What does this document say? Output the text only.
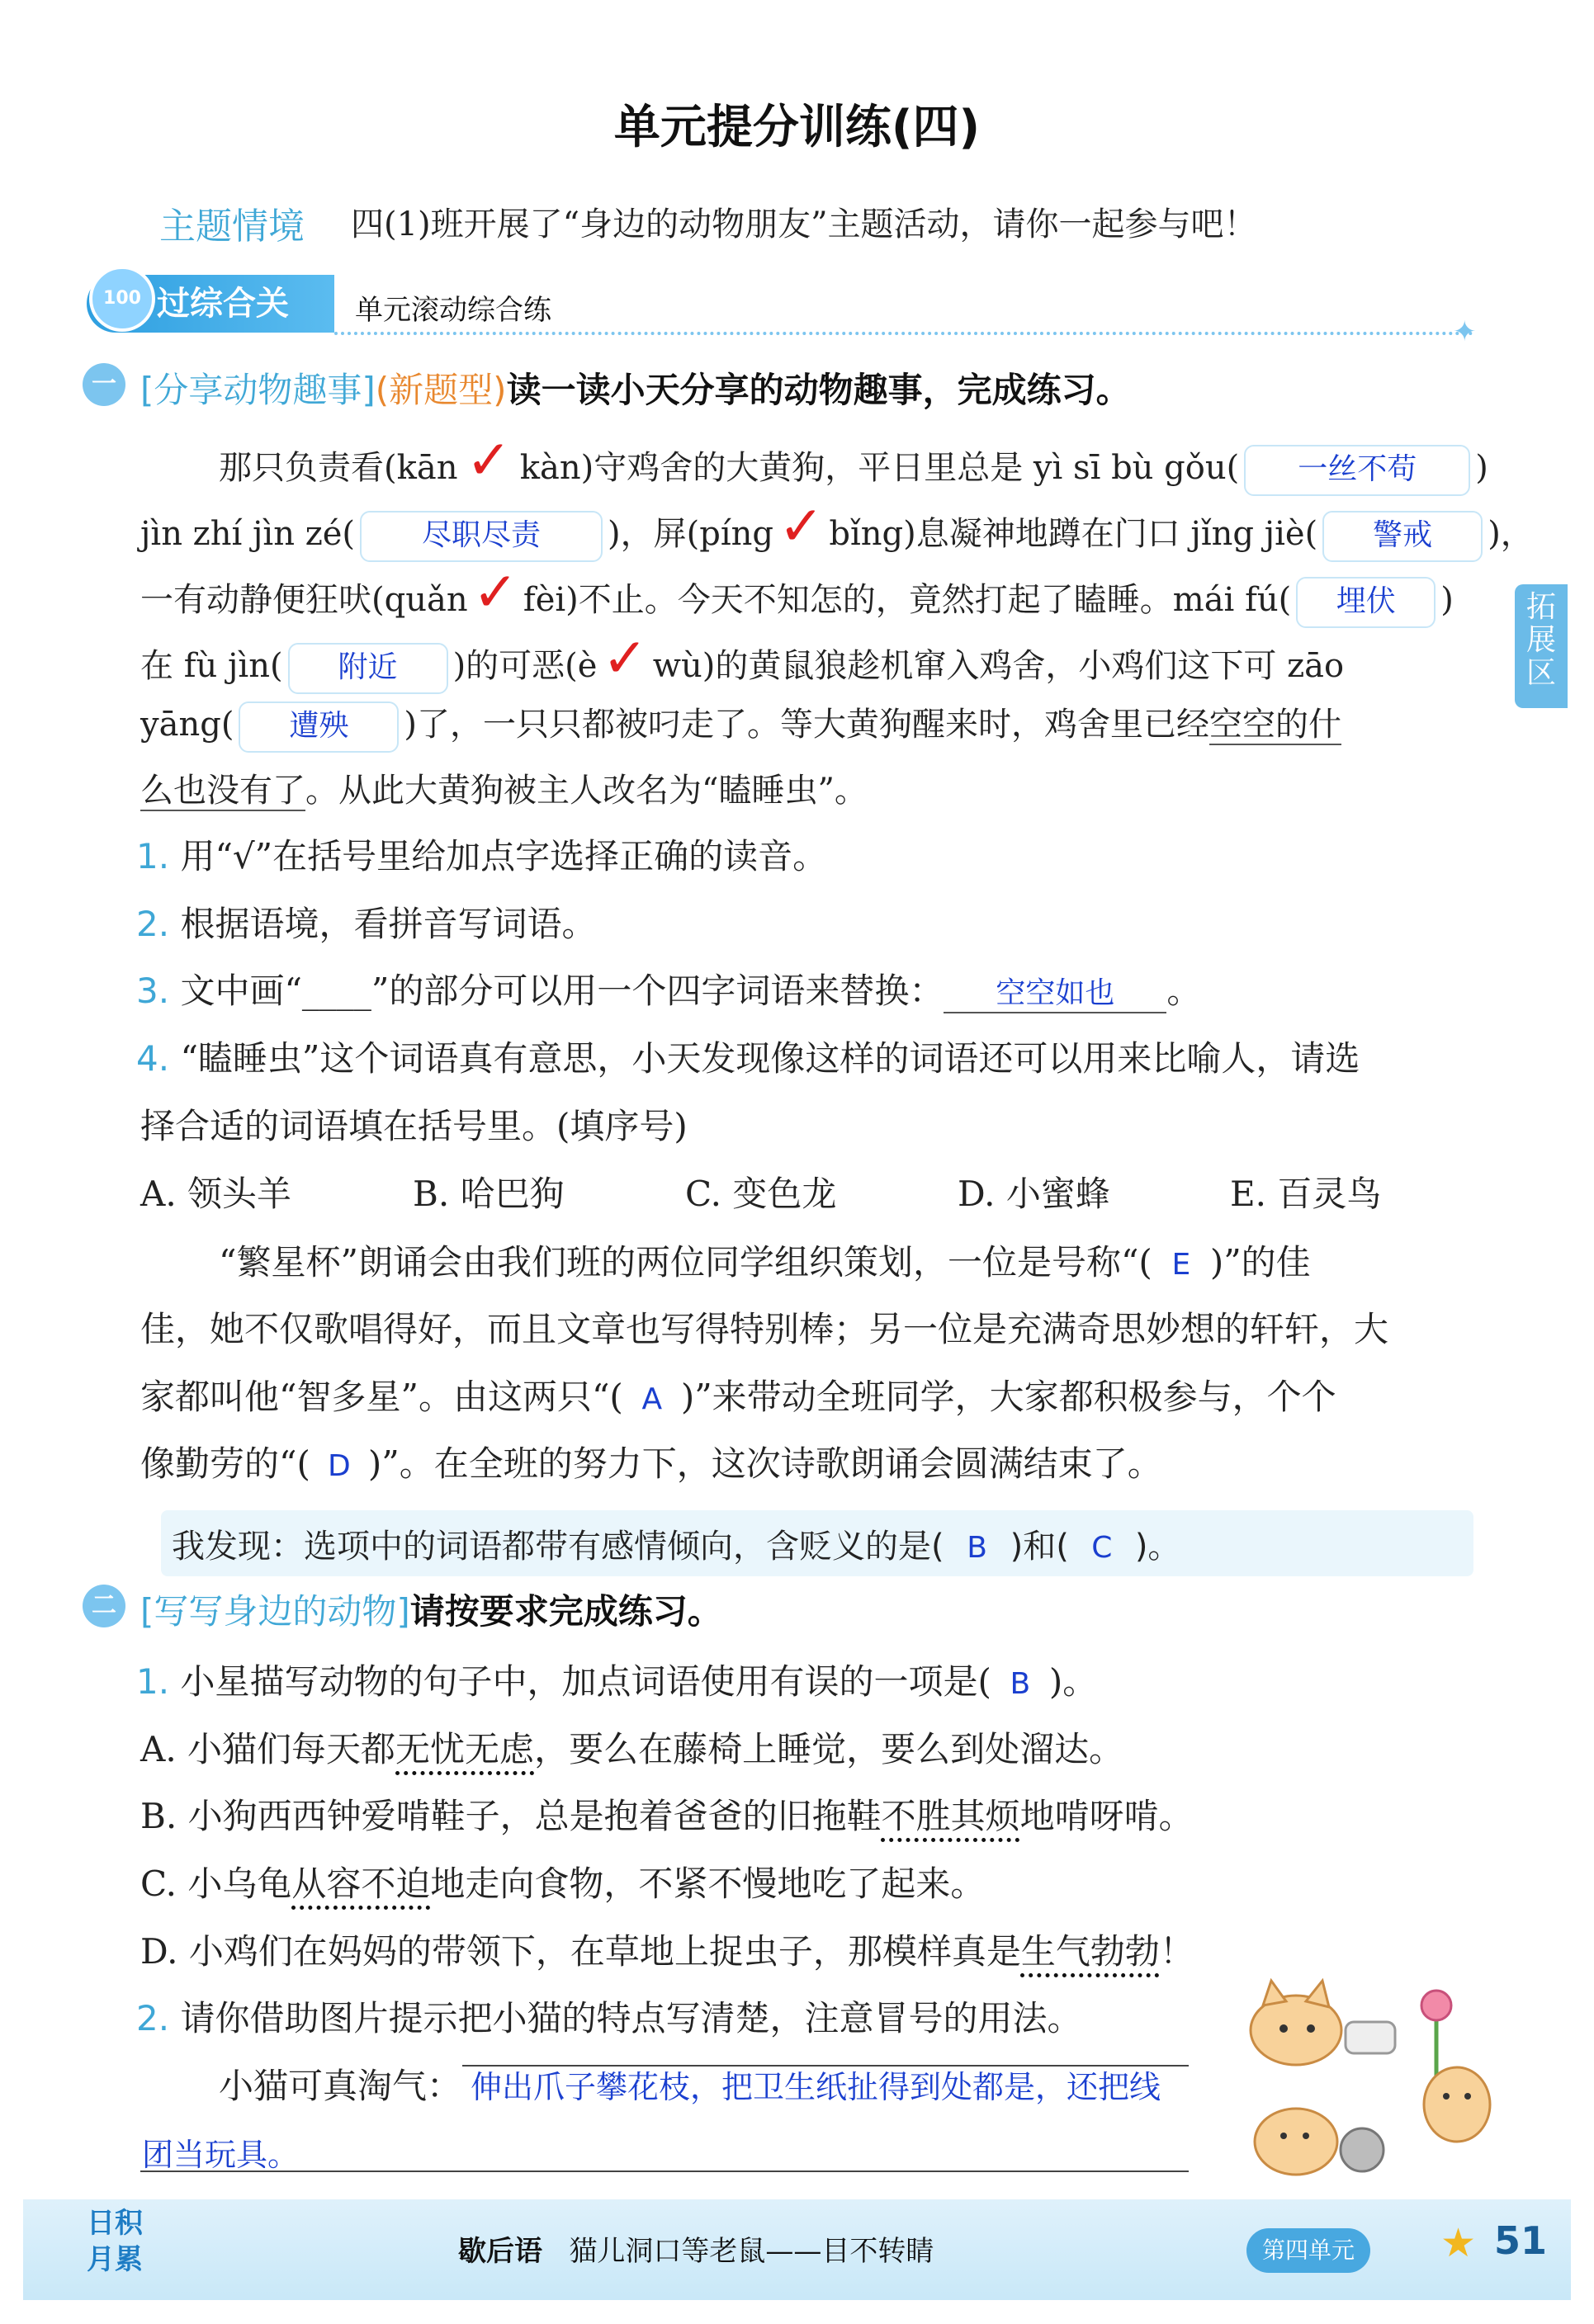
单元提分训练(四)
主题情境 四(1)班开展了“身边的动物朋友”主题活动，请你一起参与吧！
过综合关
100	单元滚动综合练
✦
拓展区
一 [分享动物趣事](新题型)读一读小天分享的动物趣事，完成练习。
那只负责看(kān ✓ kàn)守鸡舍的大黄狗，平日里总是 yì sī bù gǒu( 一丝不苟 )
jìn zhí jìn zé( 尽职尽责 )，屏(píng✓ bǐng)息凝神地蹲在门口 jǐng jiè( 警戒 )，
一有动静便狂吠(quǎn✓ fèi)不止。今天不知怎的，竟然打起了瞌睡。mái fú( 埋伏 )
在 fù jìn( 附近 )的可恶(è✓ wù)的黄鼠狼趁机窜入鸡舍，小鸡们这下可 zāo
yāng( 遭殃 )了，一只只都被叼走了。等大黄狗醒来时，鸡舍里已经空空的什
么也没有了。从此大黄狗被主人改名为“瞌睡虫”。
1. 用“√”在括号里给加点字选择正确的读音。
2. 根据语境，看拼音写词语。
3. 文中画“____”的部分可以用一个四字词语来替换： 空空如也 。
4. “瞌睡虫”这个词语真有意思，小天发现像这样的词语还可以用来比喻人，请选
择合适的词语填在括号里。(填序号)
A. 领头羊	B. 哈巴狗	C. 变色龙	D. 小蜜蜂	E. 百灵鸟
“繁星杯”朗诵会由我们班的两位同学组织策划，一位是号称“( E )”的佳
佳，她不仅歌唱得好，而且文章也写得特别棒；另一位是充满奇思妙想的轩轩，大
家都叫他“智多星”。由这两只“( A )”来带动全班同学，大家都积极参与，个个
像勤劳的“( D )”。在全班的努力下，这次诗歌朗诵会圆满结束了。
我发现：选项中的词语都带有感情倾向，含贬义的是( B )和( C )。
二 [写写身边的动物]请按要求完成练习。
1. 小星描写动物的句子中，加点词语使用有误的一项是( B )。
A. 小猫们每天都无忧无虑，要么在藤椅上睡觉，要么到处溜达。
B. 小狗西西钟爱啃鞋子，总是抱着爸爸的旧拖鞋不胜其烦地啃呀啃。
C. 小乌龟从容不迫地走向食物，不紧不慢地吃了起来。
D. 小鸡们在妈妈的带领下，在草地上捉虫子，那模样真是生气勃勃！
2. 请你借助图片提示把小猫的特点写清楚，注意冒号的用法。
小猫可真淘气： 伸出爪子攀花枝，把卫生纸扯得到处都是，还把线
团当玩具。
日积
月累	歇后语 猫儿洞口等老鼠——目不转睛	第四单元	★ 51
